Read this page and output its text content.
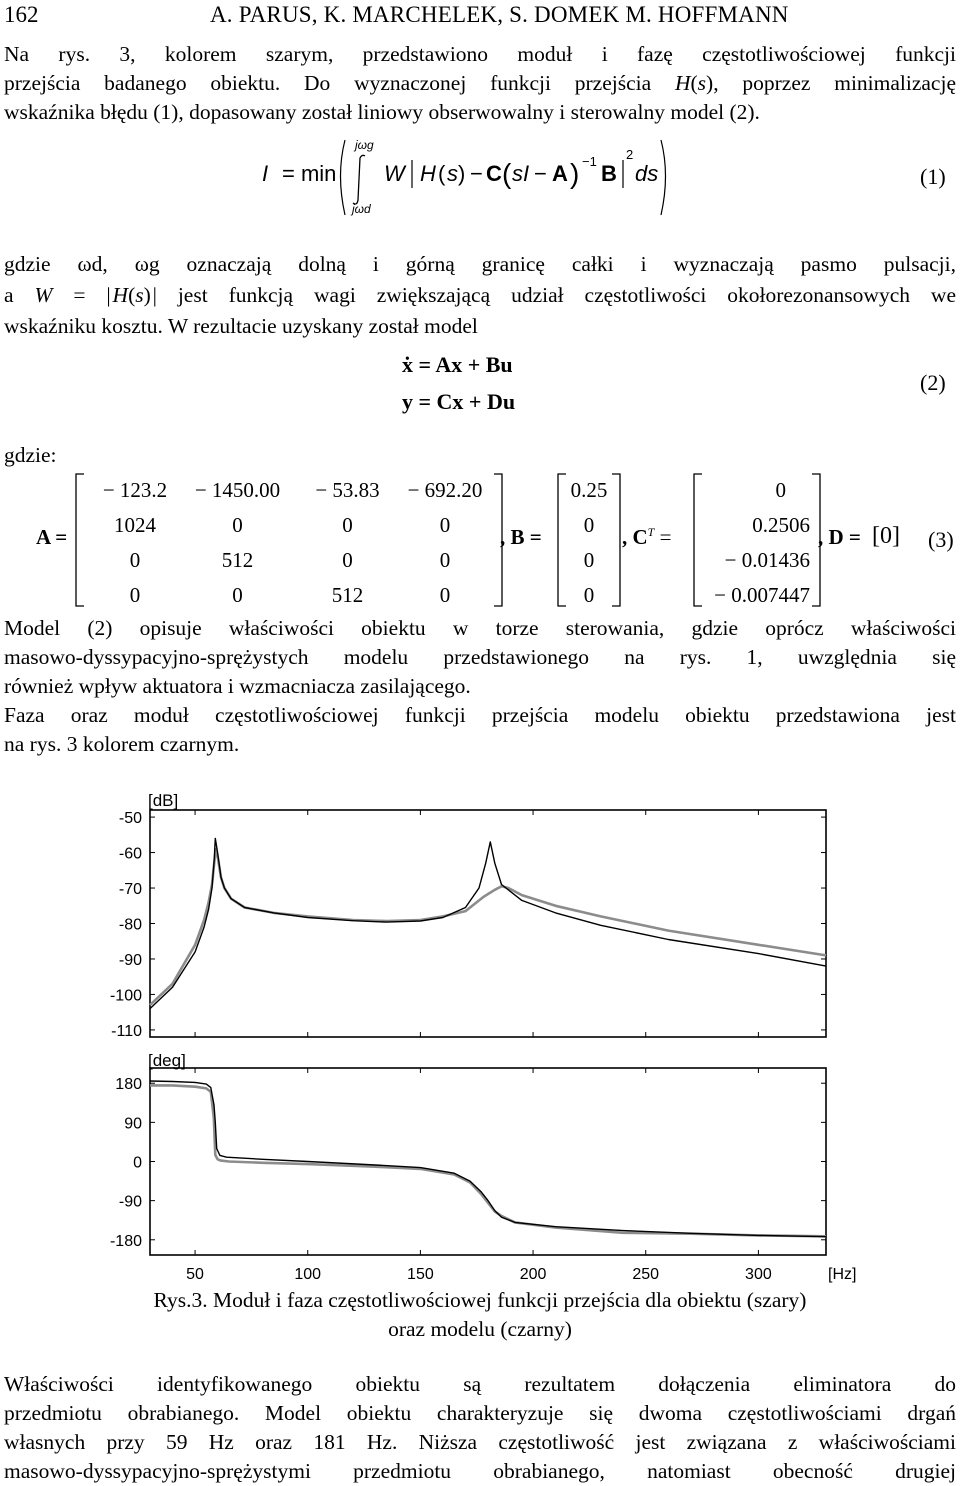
162	A. PARUS, K. MARCHELEK, S. DOMEK M. HOFFMANN
Na rys. 3, kolorem szarym, przedstawiono moduł i fazę częstotliwościowej funkcji
przejścia badanego obiektu. Do wyznaczonej funkcji przejścia H(s), poprzez minimalizację
wskaźnika błędu (1), dopasowany został liniowy obserwowalny i sterowalny model (2).
I = min
jωg
jωd
W H ( s ) − C ( sI − A ) −1 B
2
ds	(1)
gdzie ωd, ωg oznaczają dolną i górną granicę całki i wyznaczają pasmo pulsacji,
a W = | H(s) | jest funkcją wagi zwiększającą udział częstotliwości okołorezonansowych we
wskaźniku kosztu. W rezultacie uzyskany został model
ẋ = Ax + Bu
y = Cx + Du
(2)
gdzie:
A =
− 123.2	− 1450.00	− 53.83	− 692.20
1024	0	0	0
0	512	0	0
0	0	512	0
, B =
0.25
0
0
0
, $C^T$ =
0
0.2506
− 0.01436
− 0.007447
, D = [0] (3)
Model (2) opisuje właściwości obiektu w torze sterowania, gdzie oprócz właściwości
masowo-dyssypacyjno-sprężystych modelu przedstawionego na rys. 1, uwzględnia się
również wpływ aktuatora i wzmacniacza zasilającego.
Faza oraz moduł częstotliwościowej funkcji przejścia modelu obiektu przedstawiona jest
na rys. 3 kolorem czarnym.
[dB]
-50
-60
-70
-80
-90
-100
-110
[deg]
180
90
0
-90
-180
50	100	150	200	250	300	[Hz]
Rys.3. Moduł i faza częstotliwościowej funkcji przejścia dla obiektu (szary)
oraz modelu (czarny)
Właściwości identyfikowanego obiektu są rezultatem dołączenia eliminatora do
przedmiotu obrabianego. Model obiektu charakteryzuje się dwoma częstotliwościami drgań
własnych przy 59 Hz oraz 181 Hz. Niższa częstotliwość jest związana z właściwościami
masowo-dyssypacyjno-sprężystymi przedmiotu obrabianego, natomiast obecność drugiej
